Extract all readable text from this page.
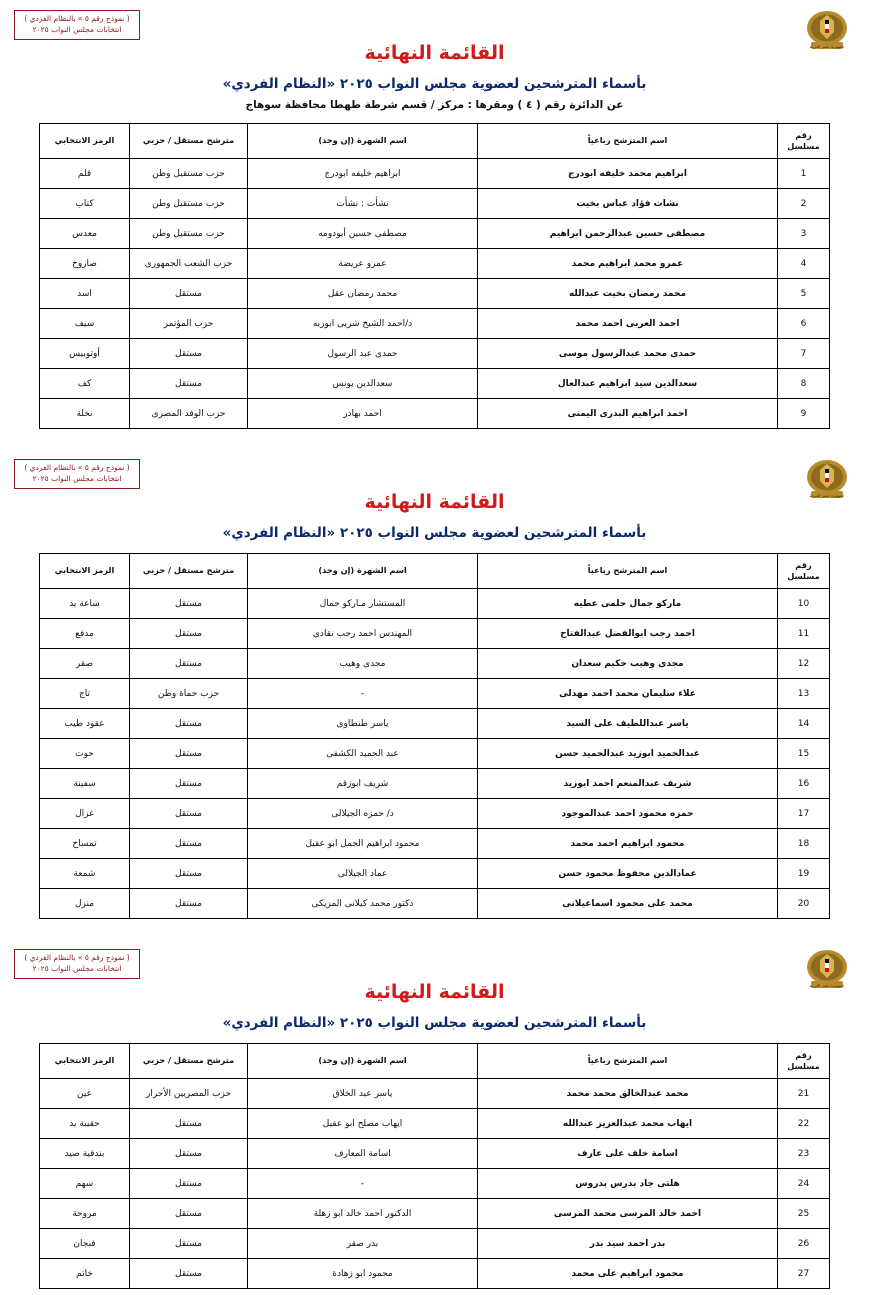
( نموذج رقم ٥ » بالنظام الفردي )
انتخابات مجلس النواب ٢٠٢٥
جمهورية مصر العربية
القائمة النهائية
بأسماء المترشحين لعضوية مجلس النواب ٢٠٢٥ «النظام الفردي»
عن الدائرة رقم ( ٤ ) ومقرها : مركز / قسم شرطة طهطا محافظة سوهاج
رقم مسلسل	اسم المترشح رباعياً	اسم الشهرة (إن وجد)	مترشح مستقل / حزبي	الرمز الانتخابي
1	ابراهيم محمد خليفه ابودرج	ابراهيم خليفه ابودرج	حزب مستقبل وطن	قلم
2	نشات فؤاد عباس بخيت	نشأت : نشأت	حزب مستقبل وطن	كتاب
3	مصطفى حسين عبدالرحمن ابراهيم	مصطفى حسين أبودومه	حزب مستقبل وطن	معدس
4	عمرو محمد ابراهيم محمد	عمرو عريضة	حزب الشعب الجمهورى	صاروخ
5	محمد رمضان بخيت عبدالله	محمد رمضان عقل	مستقل	اسد
6	احمد العربى احمد محمد	د/احمد الشيخ شربى ابوربه	حزب المؤتمر	سيف
7	حمدى محمد عبدالرسول موسى	حمدى عبد الرسول	مستقل	أوتوبيس
8	سعدالدين سيد ابراهيم عبدالعال	سعدالدين يونس	مستقل	كف
9	احمد ابراهيم البدرى اليمنى	احمد بهادر	حزب الوفد المصرى	نخلة
( نموذج رقم ٥ » بالنظام الفردي )
انتخابات مجلس النواب ٢٠٢٥
جمهورية مصر العربية
القائمة النهائية
بأسماء المترشحين لعضوية مجلس النواب ٢٠٢٥ «النظام الفردي»
رقم مسلسل	اسم المترشح رباعياً	اسم الشهرة (إن وجد)	مترشح مستقل / حزبي	الرمز الانتخابي
10	ماركو جمال حلمى عطيه	المستشار مـاركو جمال	مستقل	ساعة يد
11	احمد رجب ابوالفضل عبدالفتاح	المهندس احمد رجب نقادى	مستقل	مدفع
12	مجدى وهيب حكيم سعدان	مجدى وهيب	مستقل	صقر
13	علاء سليمان محمد احمد مهدلى	-	حزب حماة وطن	تاج
14	ياسر عبداللطيف على السيد	ياسر طنطاوى	مستقل	عقود طيب
15	عبدالحميد ابوزيد عبدالحميد حسن	عبد الحميد الكشفى	مستقل	حوت
16	شريف عبدالمنعم احمد ابوزيد	شريف ابوزقم	مستقل	سفينة
17	حمزه محمود احمد عبدالموجود	د/ حمزه الجيلالى	مستقل	غزال
18	محمود ابراهيم احمد محمد	محمود ابراهيم الجمل ابو عقيل	مستقل	تمساح
19	عمادالدين محفوظ محمود حسن	عماد الجيلالى	مستقل	شمعة
20	محمد على محمود اسماعيلانى	دكتور محمد كيلانى المزيكى	مستقل	منزل
( نموذج رقم ٥ » بالنظام الفردي )
انتخابات مجلس النواب ٢٠٢٥
جمهورية مصر العربية
القائمة النهائية
بأسماء المترشحين لعضوية مجلس النواب ٢٠٢٥ «النظام الفردي»
رقم مسلسل	اسم المترشح رباعياً	اسم الشهرة (إن وجد)	مترشح مستقل / حزبي	الرمز الانتخابي
21	محمد عبدالخالق محمد محمد	ياسر عبد الخلاق	حزب المصريين الأحرار	عين
22	ايهاب محمد عبدالعزيز عبدالله	ايهاب مصلح ابو عقيل	مستقل	حقيبة يد
23	اسامة خلف على عارف	اسامة المعارف	مستقل	بندقية صيد
24	هلتى جاد بدرس بدروس	-	مستقل	سهم
25	احمد خالد المرسى محمد المرسى	الدكتور احمد خالد ابو زهلة	مستقل	مروحة
26	بدر احمد سيد بدر	بدر صقر	مستقل	فنجان
27	محمود ابراهيم على محمد	محمود ابو زهادة	مستقل	خاتم
